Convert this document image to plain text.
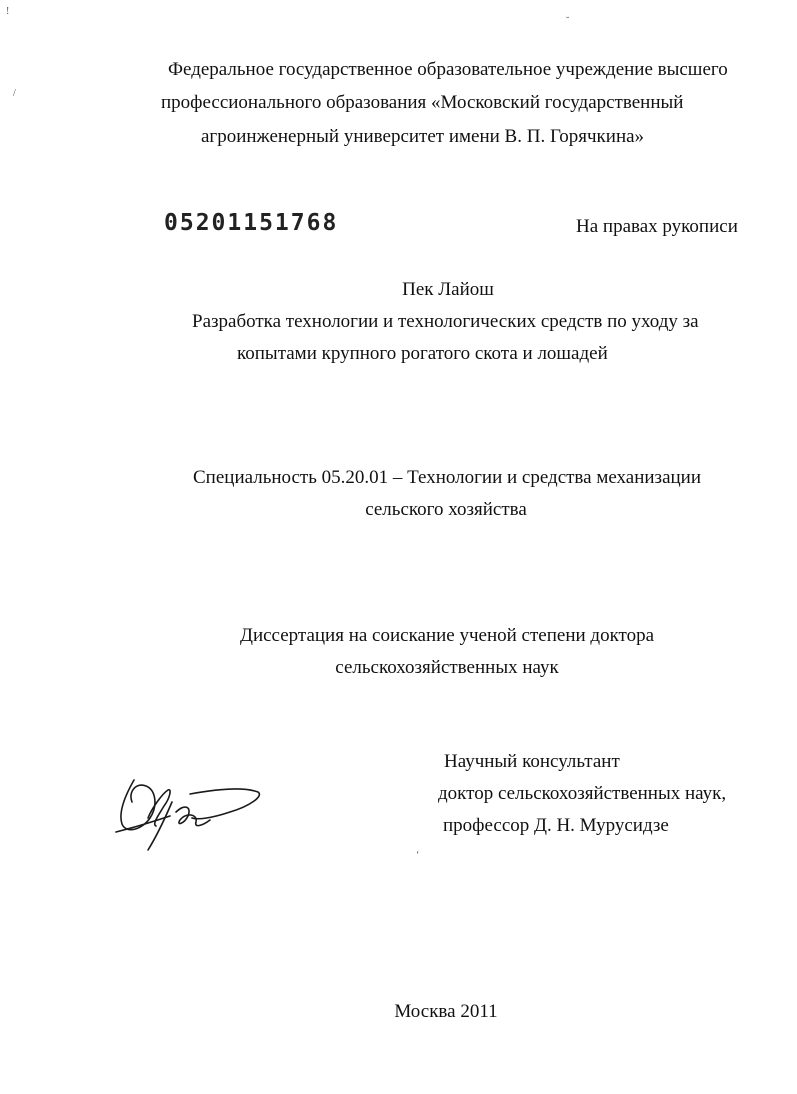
!
/
˘
‘
Федеральное государственное образовательное учреждение высшего
профессионального образования «Московский государственный
агроинженерный университет имени В. П. Горячкина»
05201151768	На правах рукописи
Пек Лайош
Разработка технологии и технологических средств по уходу за
копытами крупного рогатого скота и лошадей
Специальность 05.20.01 – Технологии и средства механизации
сельского хозяйства
Диссертация на соискание ученой степени доктора
сельскохозяйственных наук
Научный консультант
доктор сельскохозяйственных наук,
профессор Д. Н. Мурусидзе
Москва 2011
